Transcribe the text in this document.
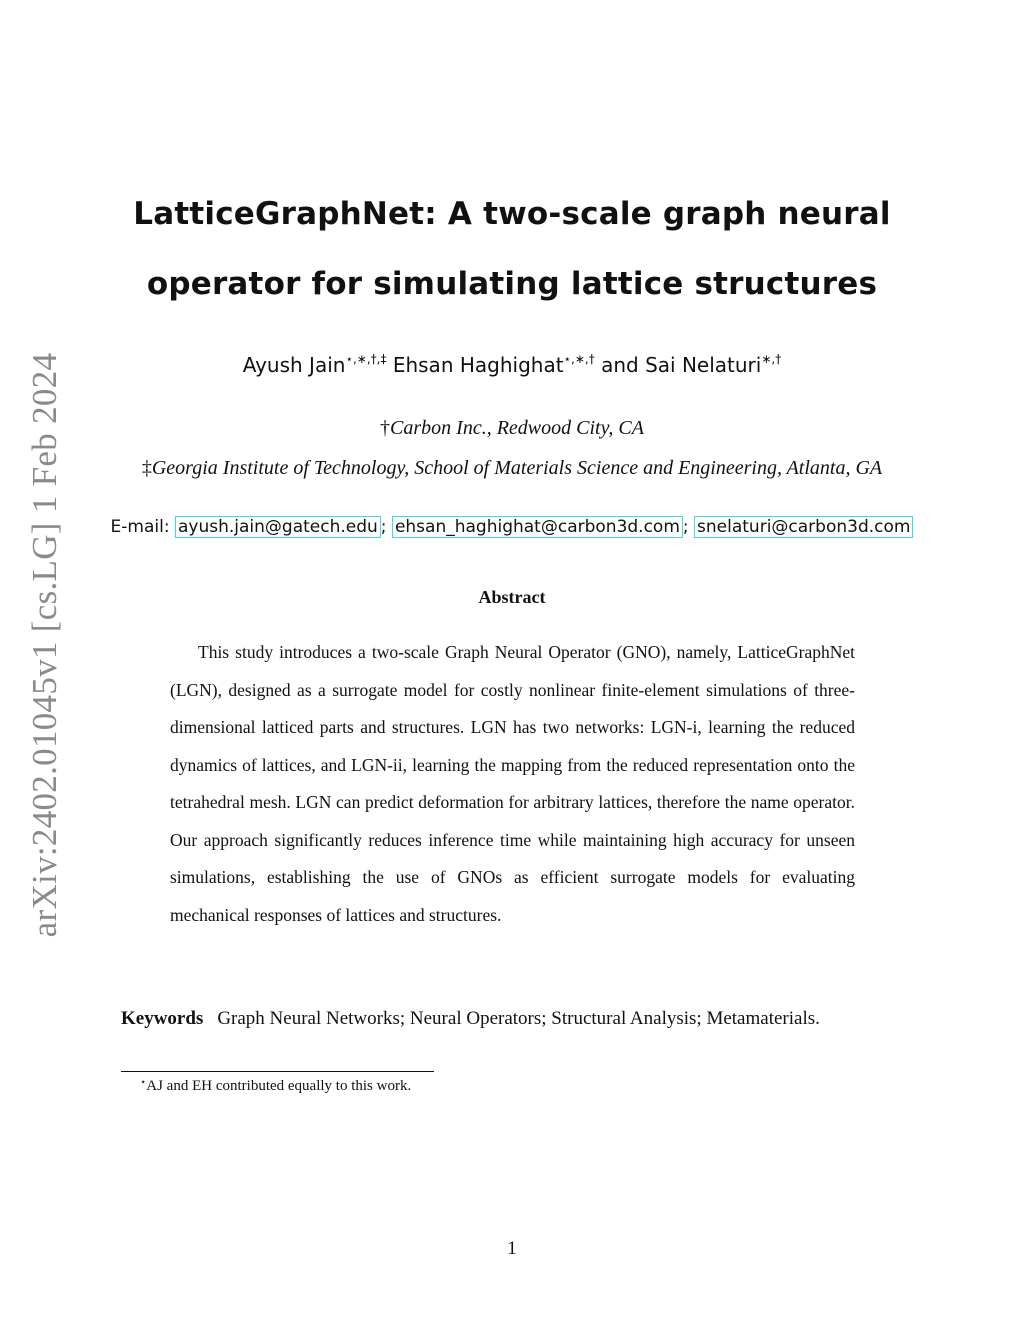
arXiv:2402.01045v1 [cs.LG] 1 Feb 2024
LatticeGraphNet: A two-scale graph neural
operator for simulating lattice structures
Ayush Jain⋆,∗,†,‡ Ehsan Haghighat⋆,∗,† and Sai Nelaturi∗,†
†Carbon Inc., Redwood City, CA
‡Georgia Institute of Technology, School of Materials Science and Engineering, Atlanta, GA
E-mail: ayush.jain@gatech.edu ; ehsan_haghighat@carbon3d.com ; snelaturi@carbon3d.com
Abstract

This study introduces a two-scale Graph Neural Operator (GNO), namely, LatticeGraphNet (LGN), designed as a surrogate model for costly nonlinear finite-element simulations of three-dimensional latticed parts and structures. LGN has two networks: LGN-i, learning the reduced dynamics of lattices, and LGN-ii, learning the mapping from the reduced representation onto the tetrahedral mesh. LGN can predict deformation for arbitrary lattices, therefore the name operator. Our approach significantly reduces inference time while maintaining high accuracy for unseen simulations, establishing the use of GNOs as efficient surrogate models for evaluating mechanical responses of lattices and structures.

Keywords Graph Neural Networks; Neural Operators; Structural Analysis; Metamaterials.

⋆AJ and EH contributed equally to this work.
1
